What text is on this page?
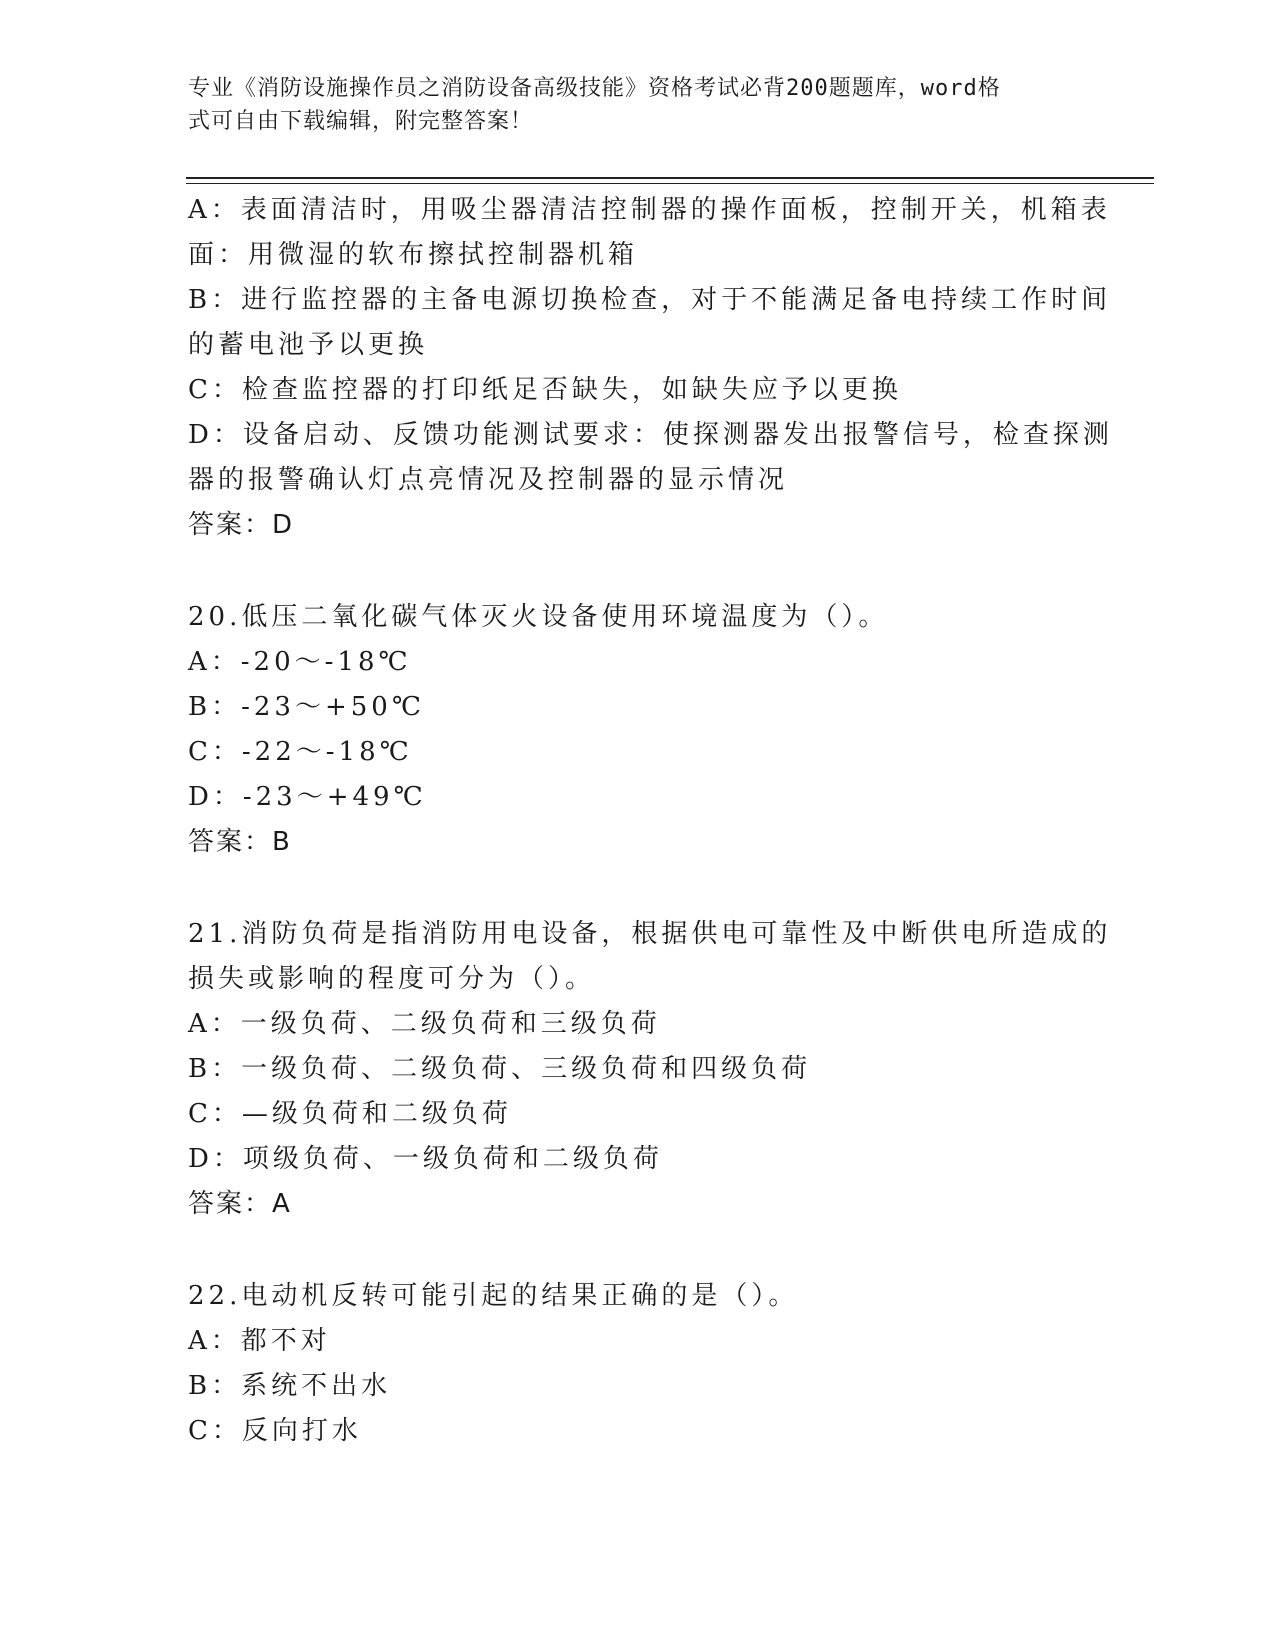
专业《消防设施操作员之消防设备高级技能》资格考试必背200题题库，word格
式可自由下载编辑，附完整答案！
A：表面清洁时，用吸尘器清洁控制器的操作面板，控制开关，机箱表
面：用微湿的软布擦拭控制器机箱
B：进行监控器的主备电源切换检查，对于不能满足备电持续工作时间
的蓄电池予以更换
C：检查监控器的打印纸足否缺失，如缺失应予以更换
D：设备启动、反馈功能测试要求：使探测器发出报警信号，检查探测
器的报警确认灯点亮情况及控制器的显示情况
答案：D
20.低压二氧化碳气体灭火设备使用环境温度为（）。
A：-20～-18℃
B：-23～+50℃
C：-22～-18℃
D：-23～+49℃
答案：B
21.消防负荷是指消防用电设备，根据供电可靠性及中断供电所造成的
损失或影响的程度可分为（）。
A：一级负荷、二级负荷和三级负荷
B：一级负荷、二级负荷、三级负荷和四级负荷
C：—级负荷和二级负荷
D：项级负荷、一级负荷和二级负荷
答案：A
22.电动机反转可能引起的结果正确的是（）。
A：都不对
B：系统不出水
C：反向打水
